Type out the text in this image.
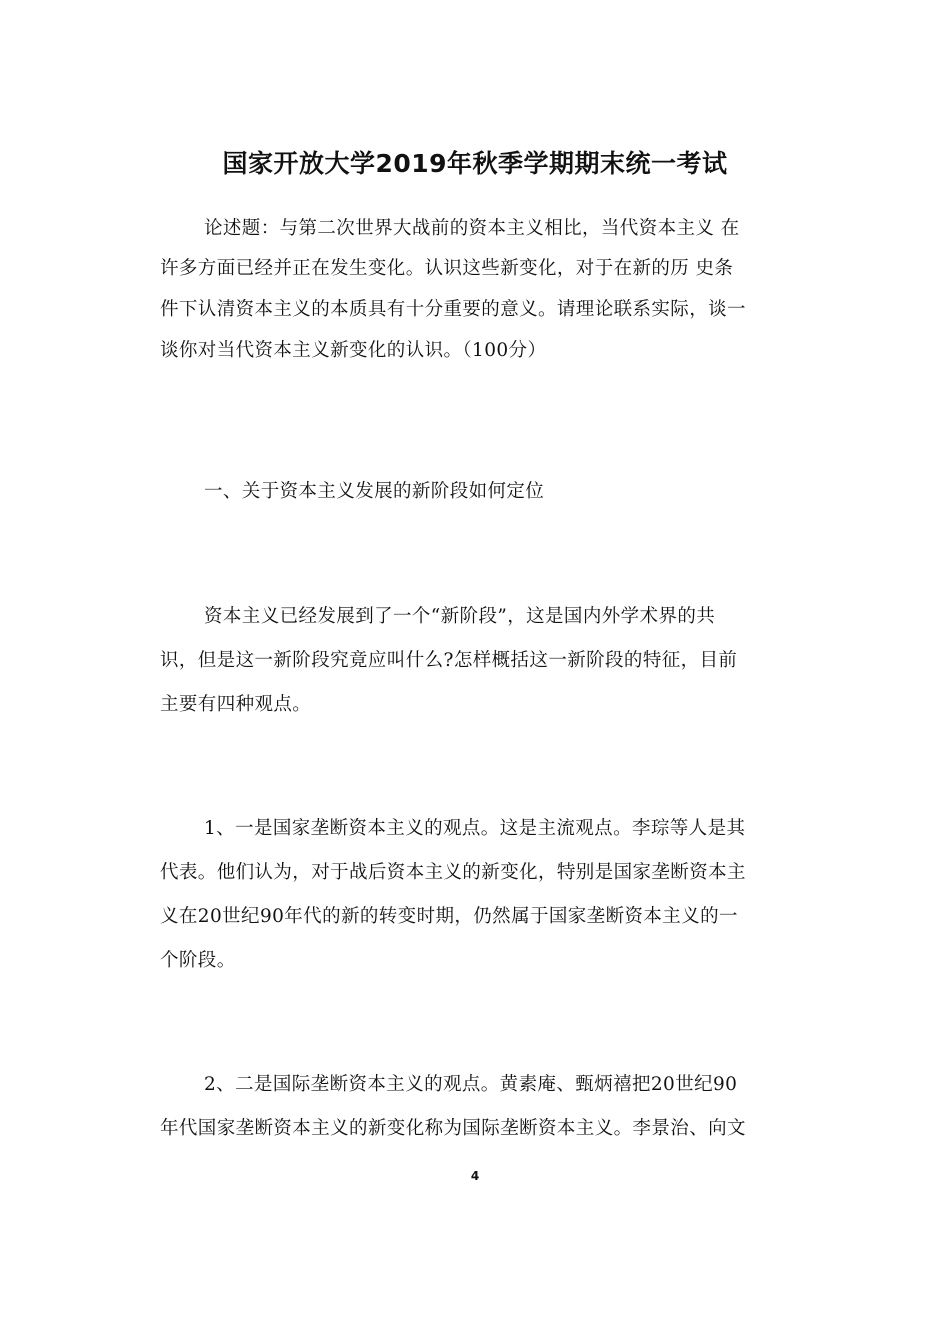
国家开放大学2019年秋季学期期末统一考试
论述题：与第二次世界大战前的资本主义相比，当代资本主义 在
许多方面已经并正在发生变化。认识这些新变化，对于在新的历 史条
件下认清资本主义的本质具有十分重要的意义。请理论联系实际，谈一
谈你对当代资本主义新变化的认识。（100分）
一、关于资本主义发展的新阶段如何定位
资本主义已经发展到了一个“新阶段”，这是国内外学术界的共
识，但是这一新阶段究竟应叫什么?怎样概括这一新阶段的特征，目前
主要有四种观点。
1、一是国家垄断资本主义的观点。这是主流观点。李琮等人是其
代表。他们认为，对于战后资本主义的新变化，特别是国家垄断资本主
义在20世纪90年代的新的转变时期，仍然属于国家垄断资本主义的一
个阶段。
2、二是国际垄断资本主义的观点。黄素庵、甄炳禧把20世纪90
年代国家垄断资本主义的新变化称为国际垄断资本主义。李景治、向文
4
